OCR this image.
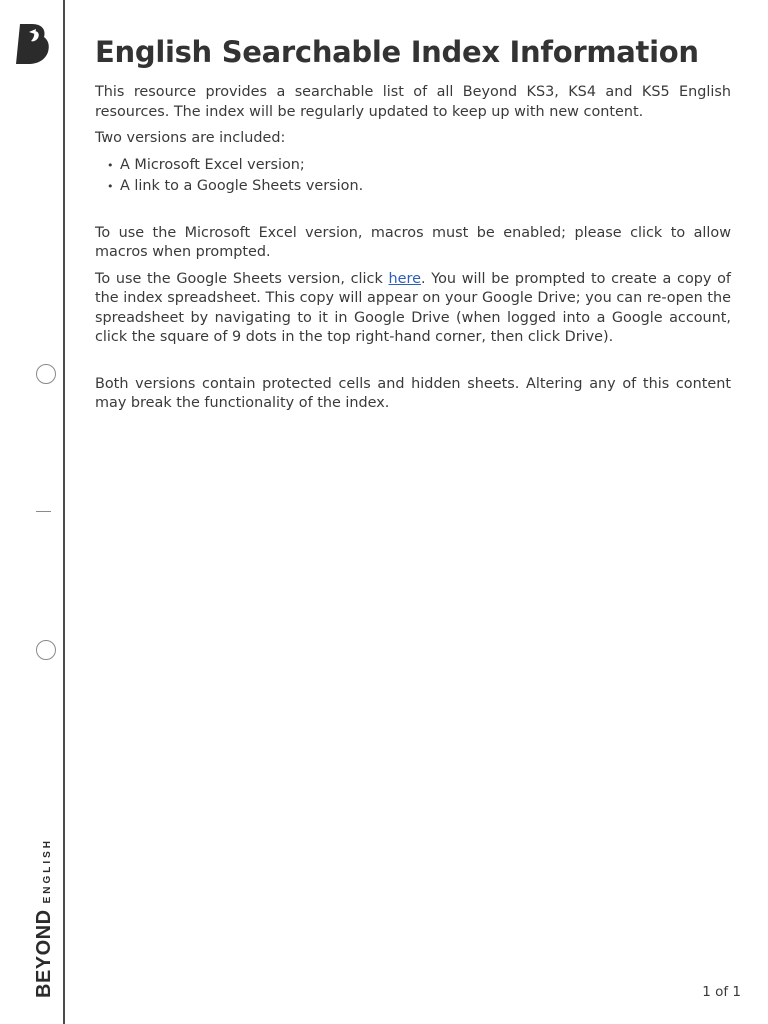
BEYOND
ENGLISH
English Searchable Index Information

This resource provides a searchable list of all Beyond KS3, KS4 and KS5 English resources. The index will be regularly updated to keep up with new content.

Two versions are included:

• A Microsoft Excel version;
• A link to a Google Sheets version.

To use the Microsoft Excel version, macros must be enabled; please click to allow macros when prompted.

To use the Google Sheets version, click here. You will be prompted to create a copy of the index spreadsheet. This copy will appear on your Google Drive; you can re-open the spreadsheet by navigating to it in Google Drive (when logged into a Google account, click the square of 9 dots in the top right-hand corner, then click Drive).

Both versions contain protected cells and hidden sheets. Altering any of this content may break the functionality of the index.

1 of 1
